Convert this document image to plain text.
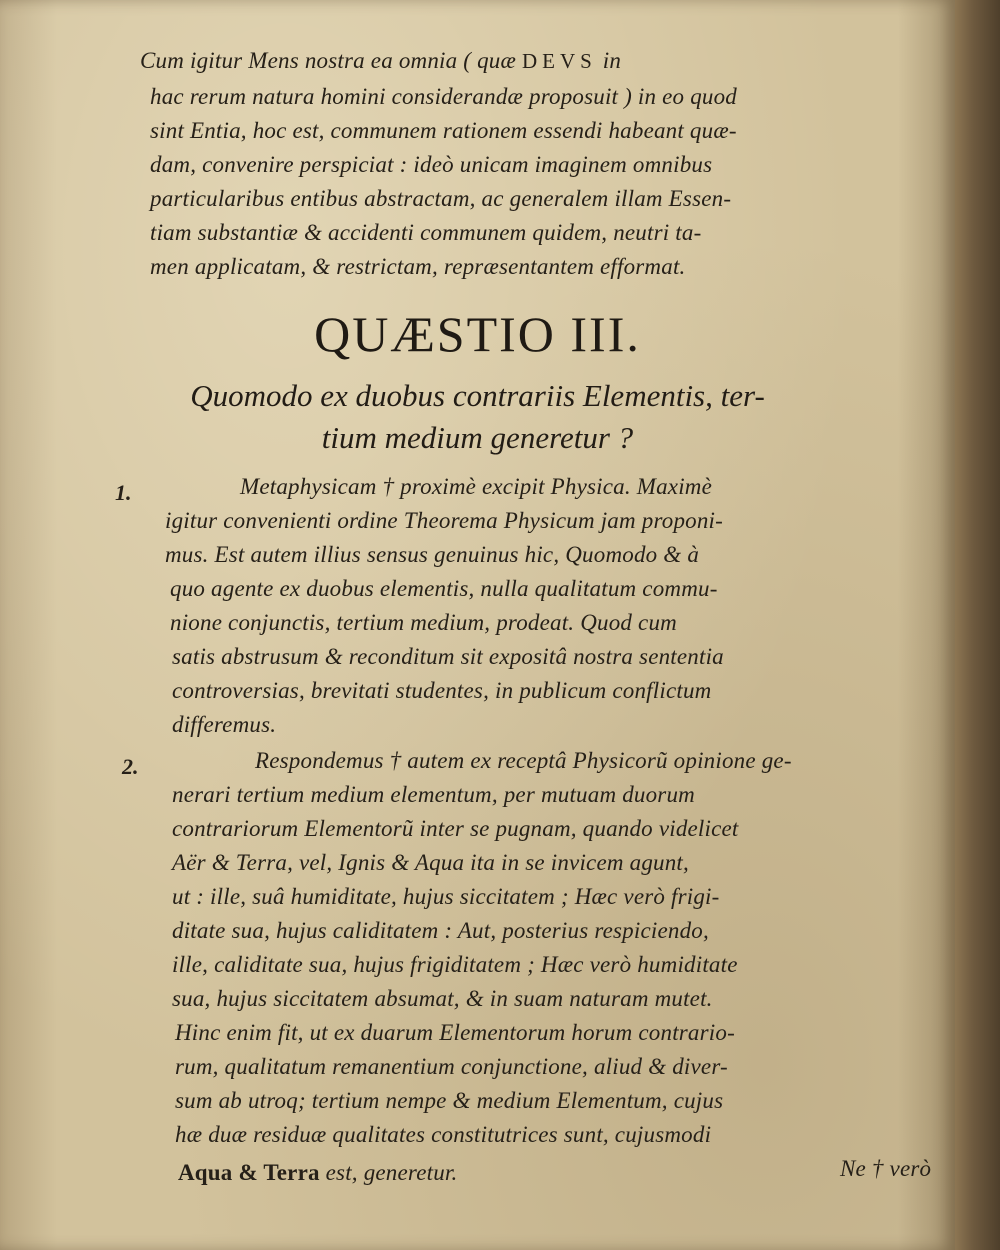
Cum igitur Mens nostra ea omnia ( quæ DEVS in
hac rerum natura homini considerandæ proposuit ) in eo quod
sint Entia, hoc est, communem rationem essendi habeant quæ-
dam, convenire perspiciat : ideò unicam imaginem omnibus
particularibus entibus abstractam, ac generalem illam Essen-
tiam substantiæ & accidenti communem quidem, neutri ta-
men applicatam, & restrictam, repræsentantem efformat.
QUÆSTIO III.
Quomodo ex duobus contrariis Elementis, ter-
tium medium generetur ?
1.	Metaphysicam † proximè excipit Physica. Maximè
igitur convenienti ordine Theorema Physicum jam proponi-
mus. Est autem illius sensus genuinus hic, Quomodo & à
quo agente ex duobus elementis, nulla qualitatum commu-
nione conjunctis, tertium medium, prodeat. Quod cum
satis abstrusum & reconditum sit expositâ nostra sententia
controversias, brevitati studentes, in publicum conflictum
differemus.
2.	Respondemus † autem ex receptâ Physicorũ opinione ge-
nerari tertium medium elementum, per mutuam duorum
contrariorum Elementorũ inter se pugnam, quando videlicet
Aër & Terra, vel, Ignis & Aqua ita in se invicem agunt,
ut : ille, suâ humiditate, hujus siccitatem ; Hæc verò frigi-
ditate sua, hujus caliditatem : Aut, posterius respiciendo,
ille, caliditate sua, hujus frigiditatem ; Hæc verò humiditate
sua, hujus siccitatem absumat, & in suam naturam mutet.
Hinc enim fit, ut ex duarum Elementorum horum contrario-
rum, qualitatum remanentium conjunctione, aliud & diver-
sum ab utroq; tertium nempe & medium Elementum, cujus
hæ duæ residuæ qualitates constitutrices sunt, cujusmodi
Aqua & Terra est, generetur.	Ne † verò
